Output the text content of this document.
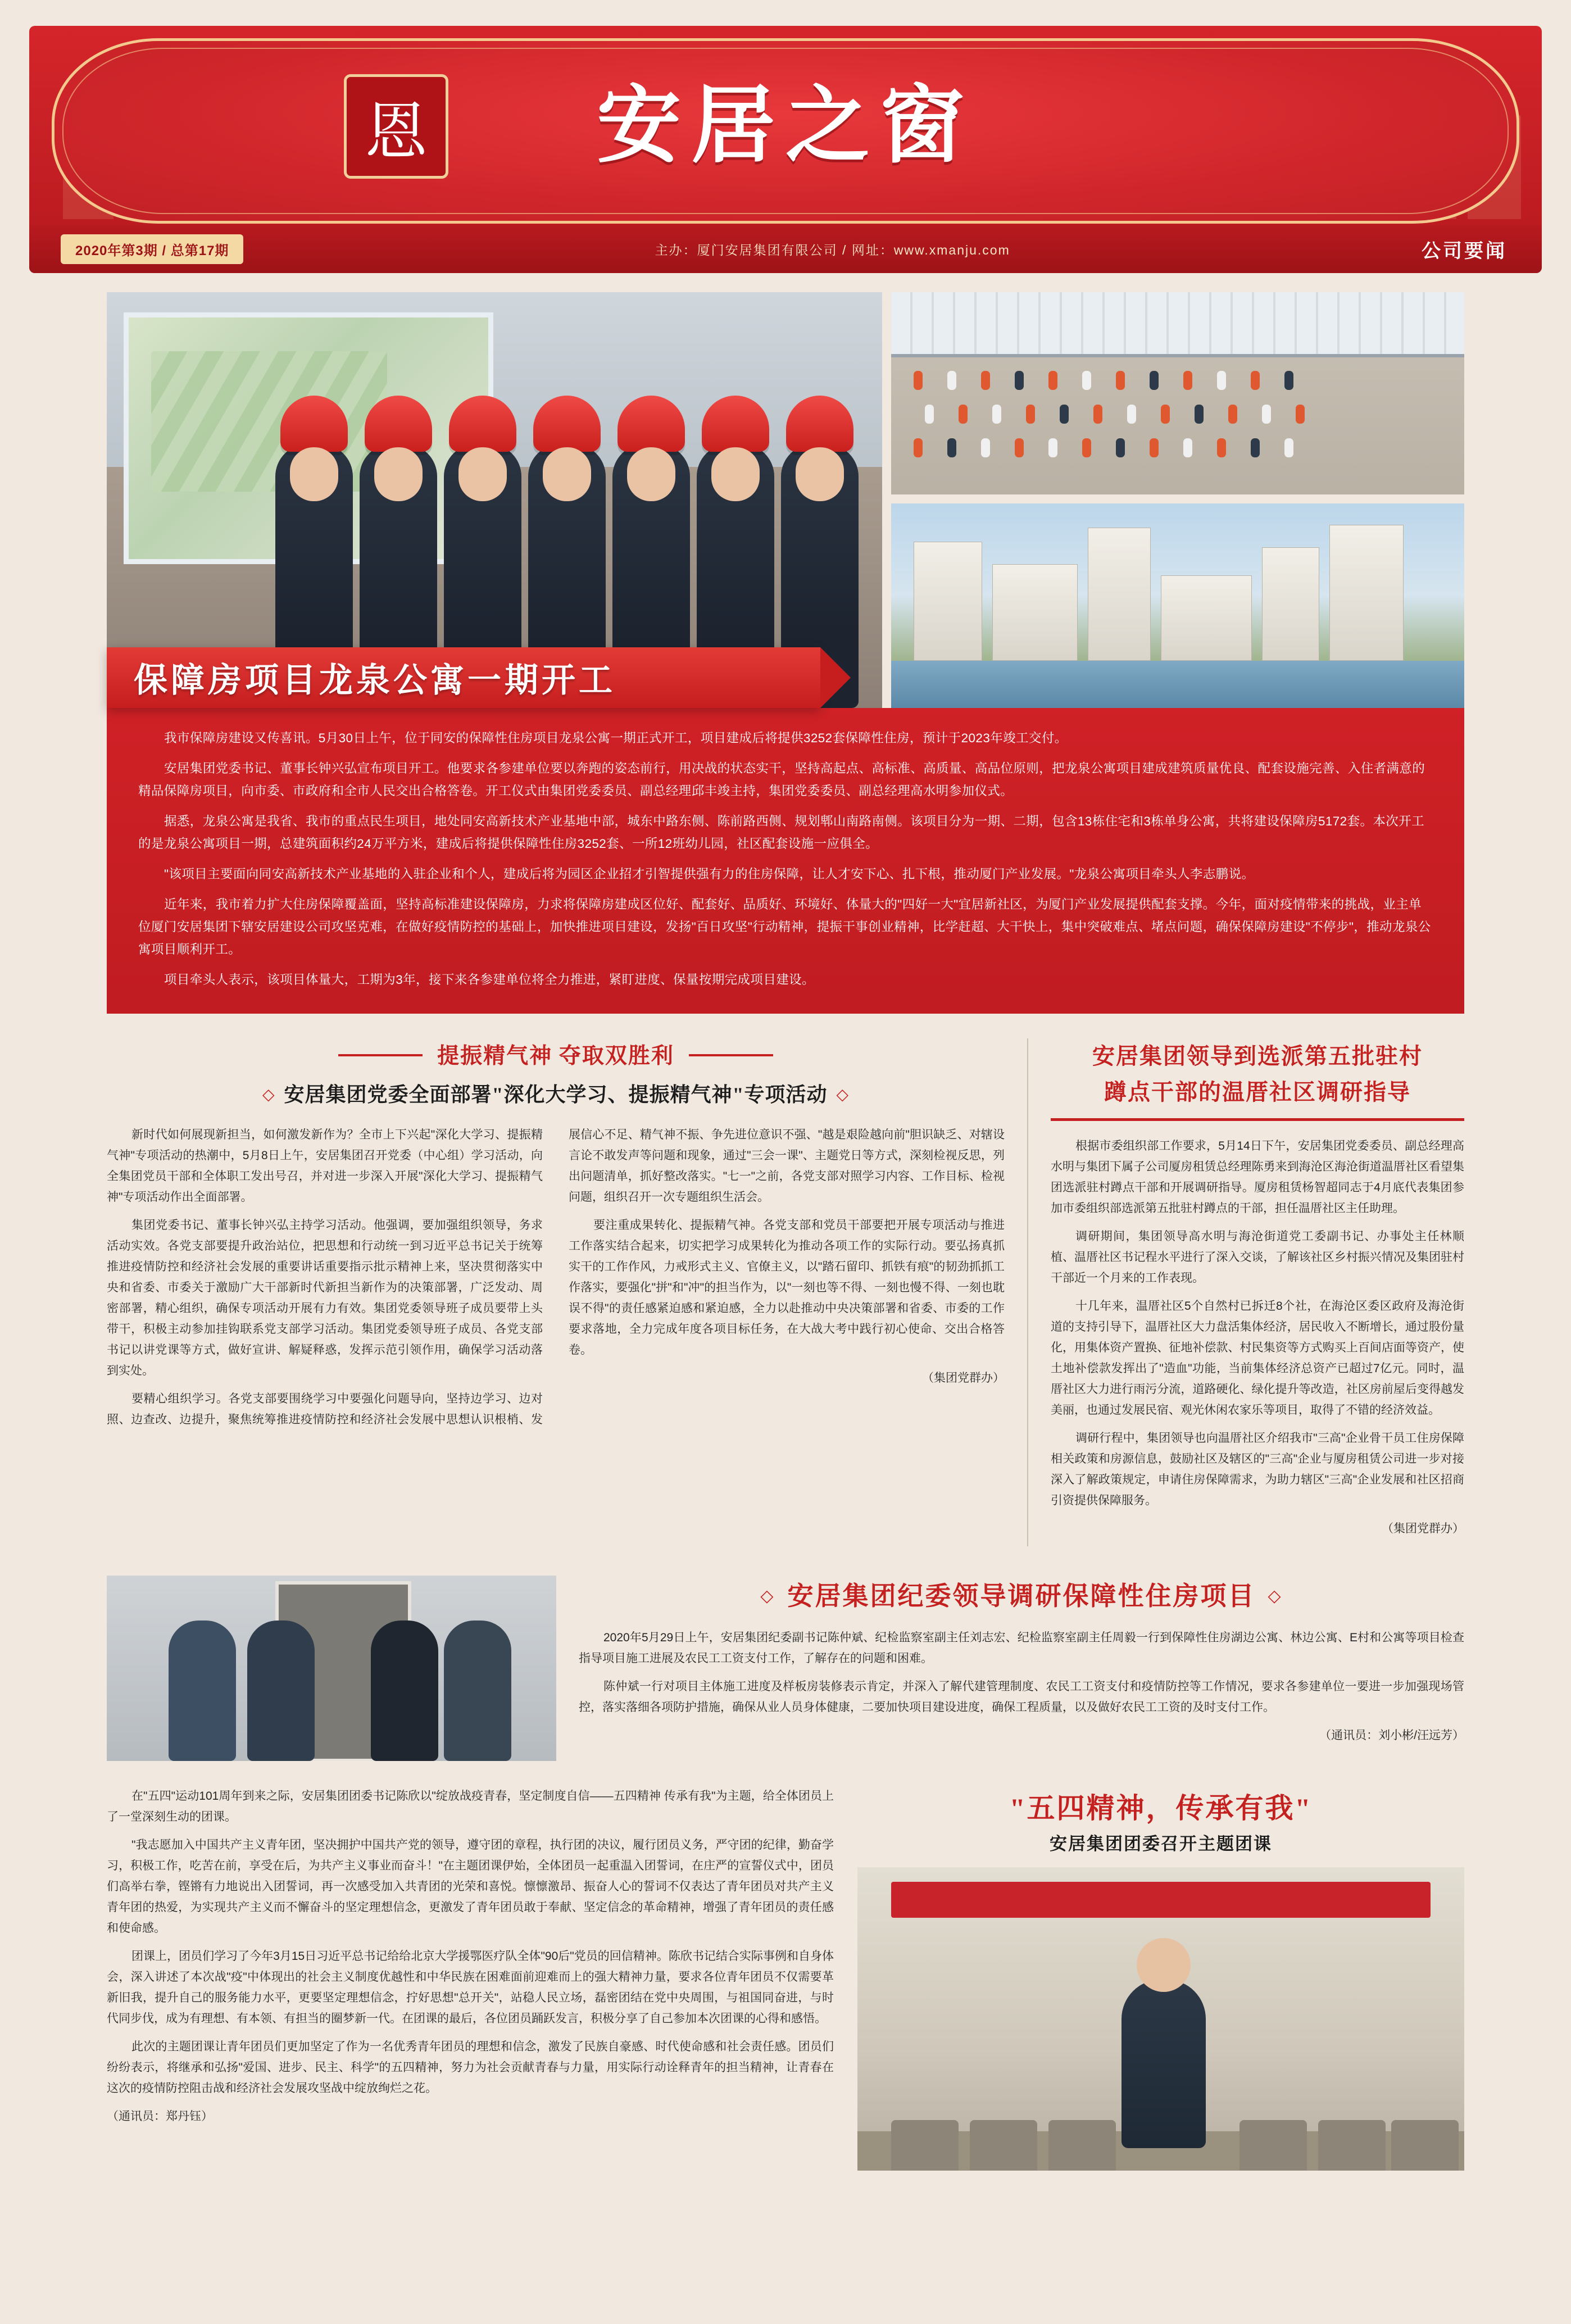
恩	安居之窗
2020年第3期 / 总第17期	主办：厦门安居集团有限公司 / 网址：www.xmanju.com	公司要闻
保障房项目龙泉公寓一期开工

我市保障房建设又传喜讯。5月30日上午，位于同安的保障性住房项目龙泉公寓一期正式开工，项目建成后将提供3252套保障性住房，预计于2023年竣工交付。

安居集团党委书记、董事长钟兴弘宣布项目开工。他要求各参建单位要以奔跑的姿态前行，用决战的状态实干，坚持高起点、高标准、高质量、高品位原则，把龙泉公寓项目建成建筑质量优良、配套设施完善、入住者满意的精品保障房项目，向市委、市政府和全市人民交出合格答卷。开工仪式由集团党委委员、副总经理邱丰竣主持，集团党委委员、副总经理高水明参加仪式。

据悉，龙泉公寓是我省、我市的重点民生项目，地处同安高新技术产业基地中部，城东中路东侧、陈前路西侧、规划郫山南路南侧。该项目分为一期、二期，包含13栋住宅和3栋单身公寓，共将建设保障房5172套。本次开工的是龙泉公寓项目一期，总建筑面积约24万平方米，建成后将提供保障性住房3252套、一所12班幼儿园，社区配套设施一应俱全。

"该项目主要面向同安高新技术产业基地的入驻企业和个人，建成后将为园区企业招才引智提供强有力的住房保障，让人才安下心、扎下根，推动厦门产业发展。"龙泉公寓项目牵头人李志鹏说。

近年来，我市着力扩大住房保障覆盖面，坚持高标准建设保障房，力求将保障房建成区位好、配套好、品质好、环境好、体量大的"四好一大"宜居新社区，为厦门产业发展提供配套支撑。今年，面对疫情带来的挑战，业主单位厦门安居集团下辖安居建设公司攻坚克难，在做好疫情防控的基础上，加快推进项目建设，发扬"百日攻坚"行动精神，提振干事创业精神，比学赶超、大干快上，集中突破难点、堵点问题，确保保障房建设"不停步"，推动龙泉公寓项目顺利开工。

项目牵头人表示，该项目体量大，工期为3年，接下来各参建单位将全力推进，紧盯进度、保量按期完成项目建设。

提振精气神 夺取双胜利
◇ 安居集团党委全面部署"深化大学习、提振精气神"专项活动 ◇

新时代如何展现新担当，如何激发新作为？全市上下兴起"深化大学习、提振精气神"专项活动的热潮中，5月8日上午，安居集团召开党委（中心组）学习活动，向全集团党员干部和全体职工发出号召，并对进一步深入开展"深化大学习、提振精气神"专项活动作出全面部署。

集团党委书记、董事长钟兴弘主持学习活动。他强调，要加强组织领导，务求活动实效。各党支部要提升政治站位，把思想和行动统一到习近平总书记关于统筹推进疫情防控和经济社会发展的重要讲话重要指示批示精神上来，坚决贯彻落实中央和省委、市委关于激励广大干部新时代新担当新作为的决策部署，广泛发动、周密部署，精心组织，确保专项活动开展有力有效。集团党委领导班子成员要带上头带干，积极主动参加挂钩联系党支部学习活动。集团党委领导班子成员、各党支部书记以讲党课等方式，做好宣讲、解疑释惑，发挥示范引领作用，确保学习活动落到实处。

要精心组织学习。各党支部要围绕学习中要强化问题导向，坚持边学习、边对照、边查改、边提升，聚焦统筹推进疫情防控和经济社会发展中思想认识根梢、发展信心不足、精气神不振、争先进位意识不强、"越是艰险越向前"胆识缺乏、对辖设言论不敢发声等问题和现象，通过"三会一课"、主题党日等方式，深刻检视反思，列出问题清单，抓好整改落实。"七一"之前，各党支部对照学习内容、工作目标、检视问题，组织召开一次专题组织生活会。

要注重成果转化、提振精气神。各党支部和党员干部要把开展专项活动与推进工作落实结合起来，切实把学习成果转化为推动各项工作的实际行动。要弘扬真抓实干的工作作风，力戒形式主义、官僚主义，以"踏石留印、抓铁有痕"的韧劲抓抓工作落实，要强化"拼"和"冲"的担当作为，以"一刻也等不得、一刻也慢不得、一刻也耽误不得"的责任感紧迫感和紧迫感，全力以赴推动中央决策部署和省委、市委的工作要求落地，全力完成年度各项目标任务，在大战大考中践行初心使命、交出合格答卷。

（集团党群办）

安居集团领导到选派第五批驻村
蹲点干部的温厝社区调研指导

根据市委组织部工作要求，5月14日下午，安居集团党委委员、副总经理高水明与集团下属子公司厦房租赁总经理陈勇来到海沧区海沧街道温厝社区看望集团选派驻村蹲点干部和开展调研指导。厦房租赁杨智超同志于4月底代表集团参加市委组织部选派第五批驻村蹲点的干部，担任温厝社区主任助理。

调研期间，集团领导高水明与海沧街道党工委副书记、办事处主任林顺植、温厝社区书记程水平进行了深入交谈，了解该社区乡村振兴情况及集团驻村干部近一个月来的工作表现。

十几年来，温厝社区5个自然村已拆迁8个社，在海沧区委区政府及海沧街道的支持引导下，温厝社区大力盘活集体经济，居民收入不断增长，通过股份量化，用集体资产置换、征地补偿款、村民集资等方式购买上百间店面等资产，使土地补偿款发挥出了"造血"功能，当前集体经济总资产已超过7亿元。同时，温厝社区大力进行雨污分流，道路硬化、绿化提升等改造，社区房前屋后变得越发美丽，也通过发展民宿、观光休闲农家乐等项目，取得了不错的经济效益。

调研行程中，集团领导也向温厝社区介绍我市"三高"企业骨干员工住房保障相关政策和房源信息，鼓励社区及辖区的"三高"企业与厦房租赁公司进一步对接深入了解政策规定，申请住房保障需求，为助力辖区"三高"企业发展和社区招商引资提供保障服务。

（集团党群办）

◇ 安居集团纪委领导调研保障性住房项目 ◇

2020年5月29日上午，安居集团纪委副书记陈仲斌、纪检监察室副主任刘志宏、纪检监察室副主任周毅一行到保障性住房湖边公寓、林边公寓、E村和公寓等项目检查指导项目施工进展及农民工工资支付工作，了解存在的问题和困难。

陈仲斌一行对项目主体施工进度及样板房装修表示肯定，并深入了解代建管理制度、农民工工资支付和疫情防控等工作情况，要求各参建单位一要进一步加强现场管控，落实落细各项防护措施，确保从业人员身体健康，二要加快项目建设进度，确保工程质量，以及做好农民工工资的及时支付工作。

（通讯员：刘小彬/汪远芳）

在"五四"运动101周年到来之际，安居集团团委书记陈欣以"绽放战疫青春，坚定制度自信——五四精神 传承有我"为主题，给全体团员上了一堂深刻生动的团课。

"我志愿加入中国共产主义青年团，坚决拥护中国共产党的领导，遵守团的章程，执行团的决议，履行团员义务，严守团的纪律，勤奋学习，积极工作，吃苦在前，享受在后，为共产主义事业而奋斗！"在主题团课伊始，全体团员一起重温入团誓词，在庄严的宣誓仪式中，团员们高举右拳，铿锵有力地说出入团誓词，再一次感受加入共青团的光荣和喜悦。懔懔激昂、振奋人心的誓词不仅表达了青年团员对共产主义青年团的热爱，为实现共产主义而不懈奋斗的坚定理想信念，更激发了青年团员敢于奉献、坚定信念的革命精神，增强了青年团员的责任感和使命感。

团课上，团员们学习了今年3月15日习近平总书记给给北京大学援鄂医疗队全体"90后"党员的回信精神。陈欣书记结合实际事例和自身体会，深入讲述了本次战"疫"中体现出的社会主义制度优越性和中华民族在困难面前迎难而上的强大精神力量，要求各位青年团员不仅需要革新旧我，提升自己的服务能力水平，更要坚定理想信念，拧好思想"总开关"，站稳人民立场，磊密团结在党中央周围，与祖国同奋进，与时代同步伐，成为有理想、有本领、有担当的圈梦新一代。在团课的最后，各位团员踊跃发言，积极分享了自己参加本次团课的心得和感悟。

此次的主题团课让青年团员们更加坚定了作为一名优秀青年团员的理想和信念，激发了民族自豪感、时代使命感和社会责任感。团员们纷纷表示，将继承和弘扬"爱国、进步、民主、科学"的五四精神，努力为社会贡献青春与力量，用实际行动诠释青年的担当精神，让青春在这次的疫情防控阻击战和经济社会发展攻坚战中绽放绚烂之花。

（通讯员：郑丹钰）

"五四精神，传承有我"
安居集团团委召开主题团课
